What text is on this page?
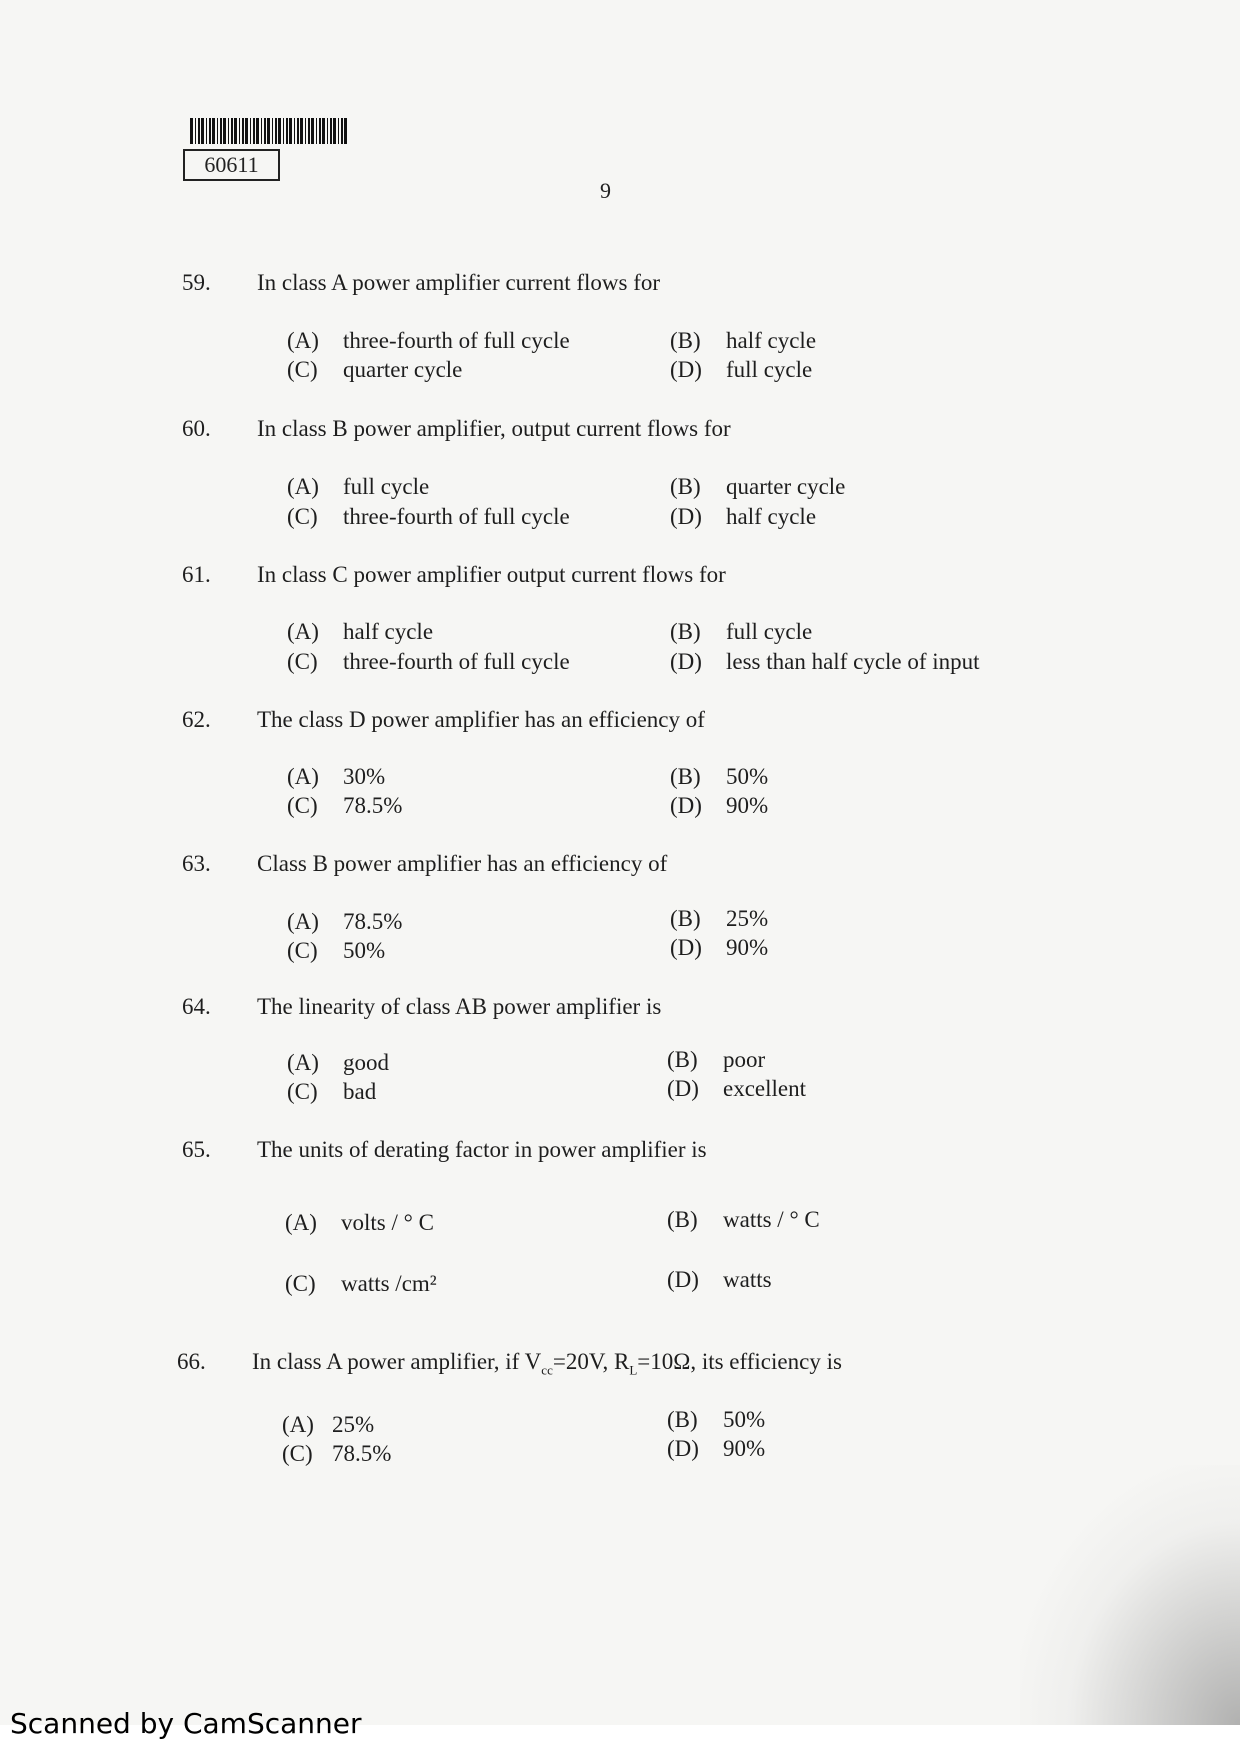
60611
9
59.	In class A power amplifier current flows for
(A) three-fourth of full cycle	(B) half cycle
(C) quarter cycle	(D) full cycle
60.	In class B power amplifier, output current flows for
(A) full cycle	(B) quarter cycle
(C) three-fourth of full cycle	(D) half cycle
61.	In class C power amplifier output current flows for
(A) half cycle	(B) full cycle
(C) three-fourth of full cycle	(D) less than half cycle of input
62.	The class D power amplifier has an efficiency of
(A) 30%	(B) 50%
(C) 78.5%	(D) 90%
63.	Class B power amplifier has an efficiency of
(A) 78.5%	(B) 25%
(C) 50%	(D) 90%
64.	The linearity of class AB power amplifier is
(A) good	(B) poor
(C) bad	(D) excellent
65.	The units of derating factor in power amplifier is
(A) volts / ° C	(B) watts / ° C
(C) watts /cm²	(D) watts
66.	In class A power amplifier, if $V_{cc}=20V$, $R_L=10\Omega$, its efficiency is
(A) 25%	(B) 50%
(C) 78.5%	(D) 90%
Scanned by CamScanner
